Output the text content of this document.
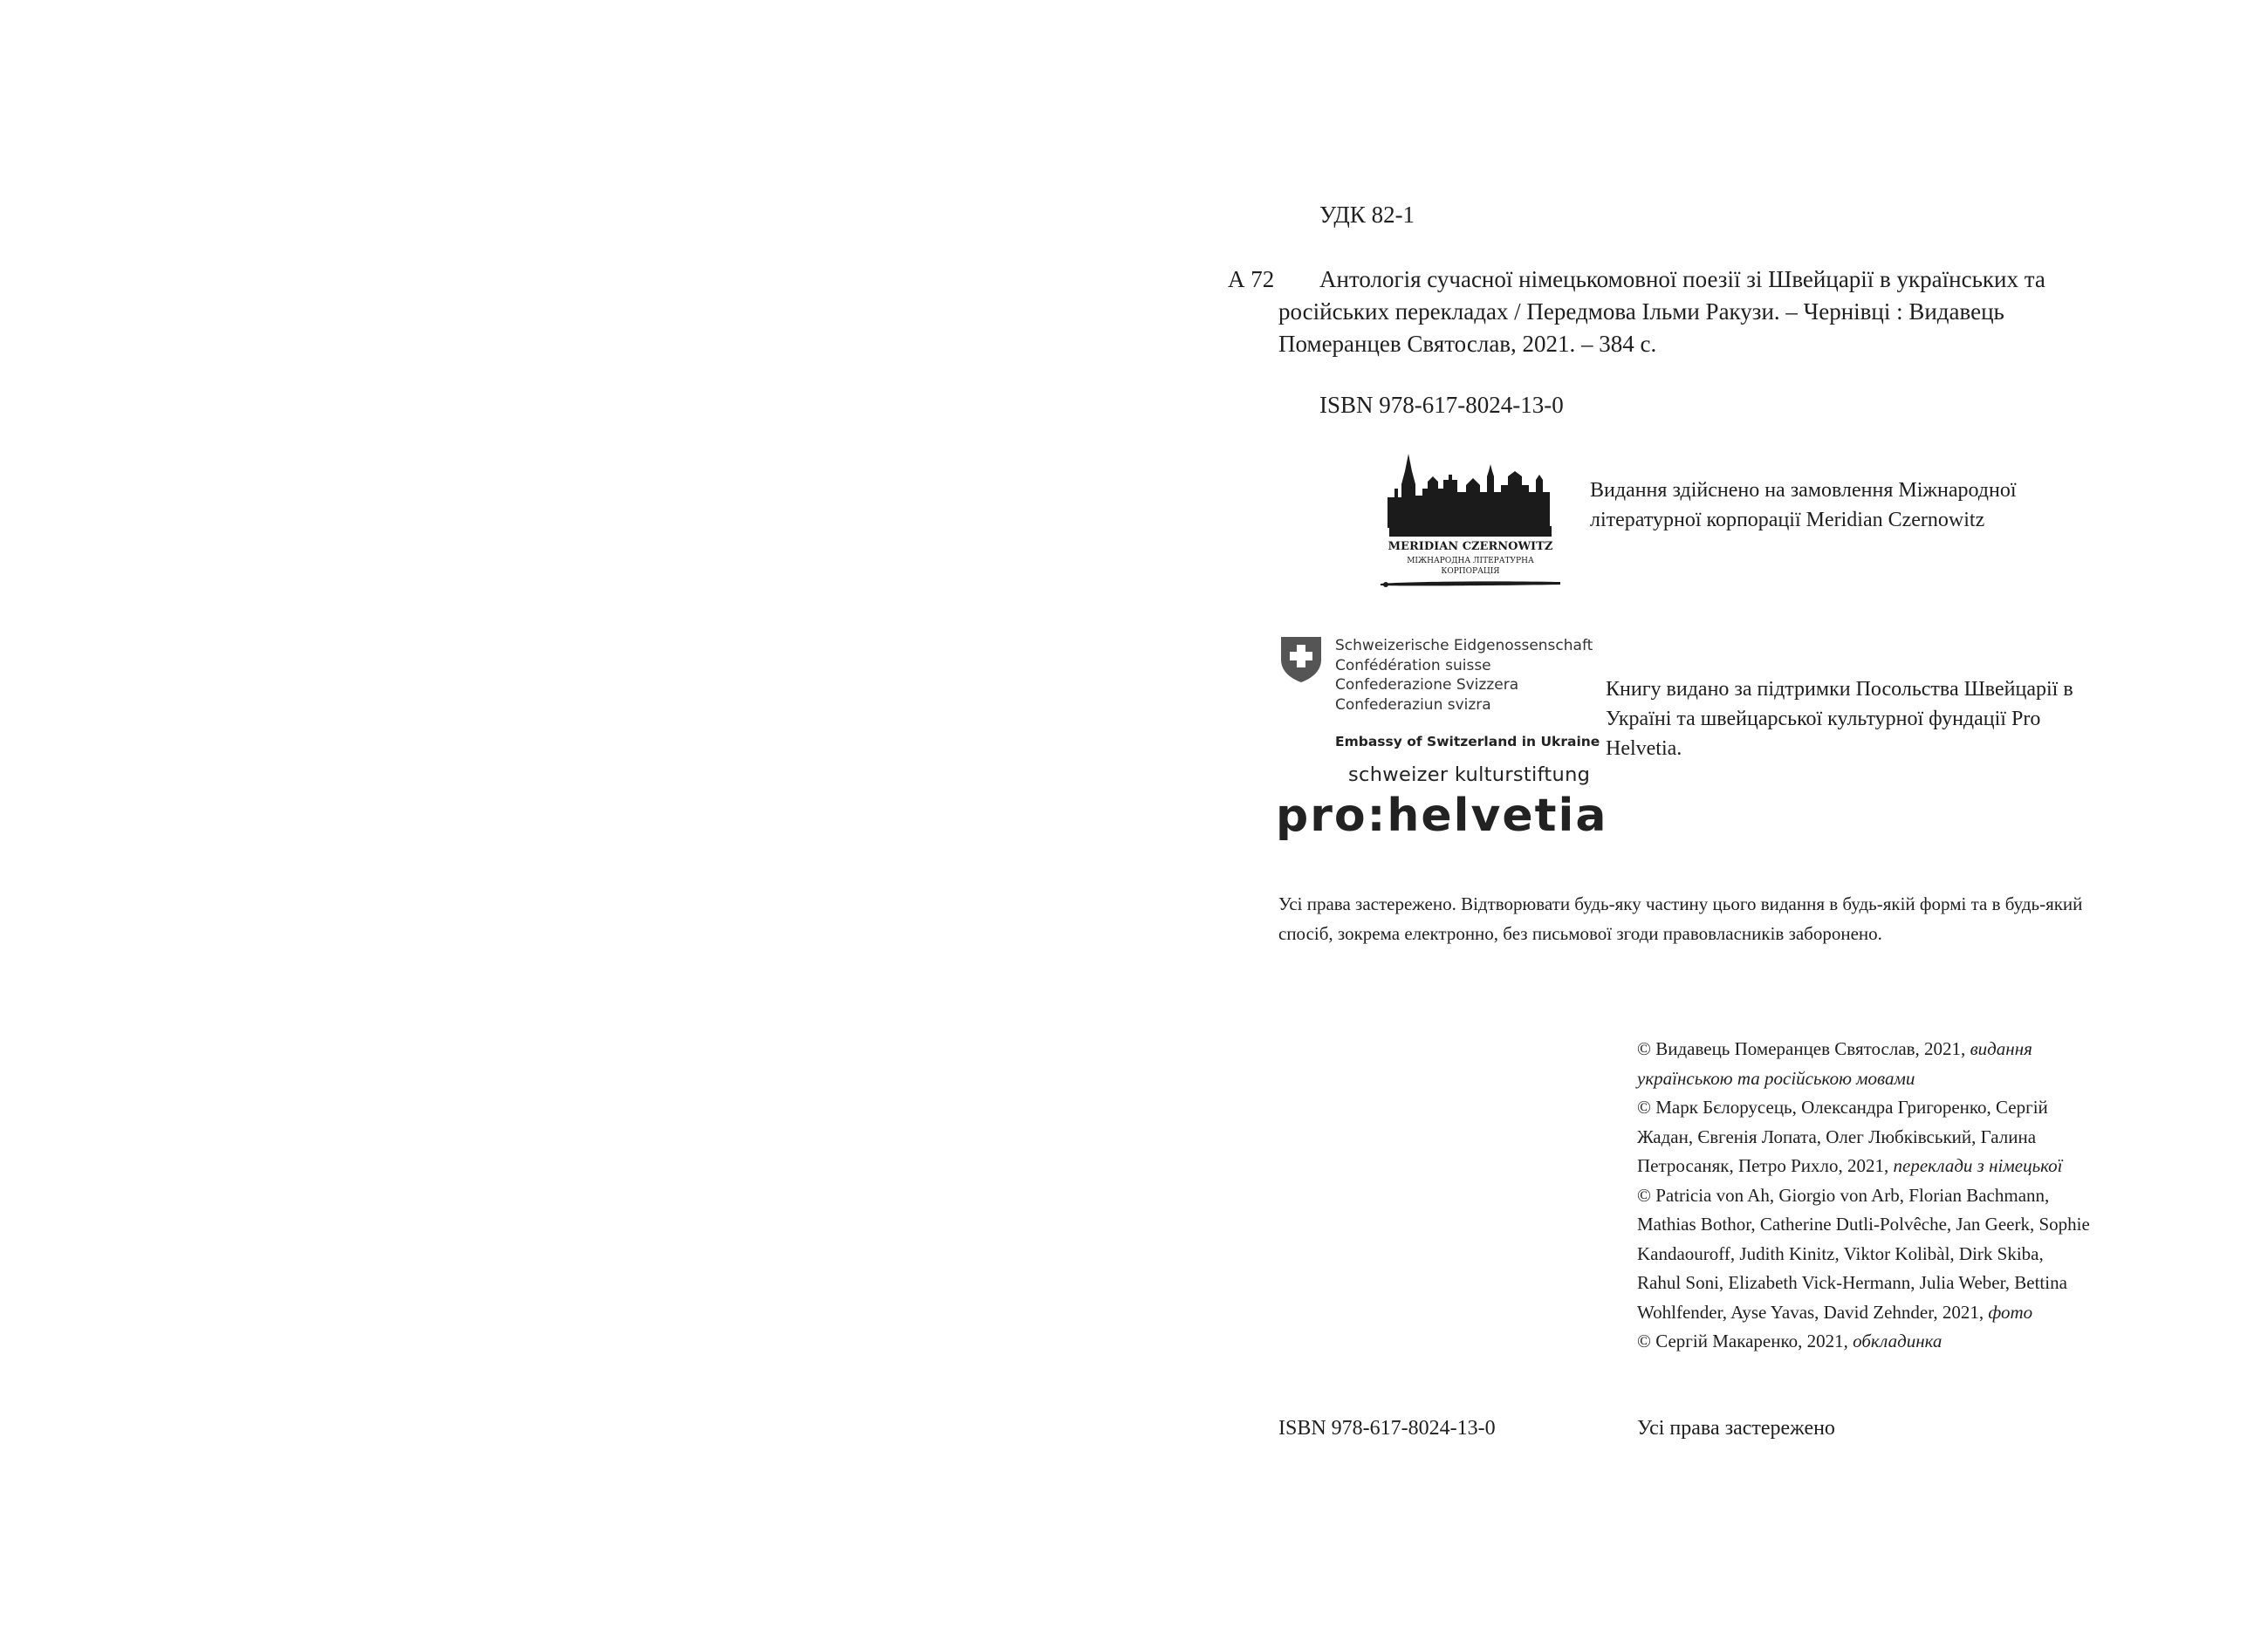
УДК 82-1
А 72	Антологія сучасної німецькомовної поезії зі Швейцарії в українських та російських перекладах / Передмова Ільми Ракузи. – Чернівці : Видавець Померанцев Святослав, 2021. – 384 с.

ISBN 978-617-8024-13-0
MERIDIAN CZERNOWITZ
МІЖНАРОДНА ЛІТЕРАТУРНА
КОРПОРАЦІЯ

Видання здійснено на замовлення Міжнародної літературної корпорації Meridian Czernowitz

Schweizerische Eidgenossenschaft
Confédération suisse
Confederazione Svizzera
Confederaziun svizra
Embassy of Switzerland in Ukraine
schweizer kulturstiftung
pro:helvetia

Книгу видано за підтримки Посольства Швейцарії в Україні та швейцарської культурної фундації Pro Helvetia.

Усі права застережено. Відтворювати будь-яку частину цього видання в будь-якій формі та в будь-який спосіб, зокрема електронно, без письмової згоди правовласників заборонено.

© Видавець Померанцев Святослав, 2021, видання українською та російською мовами
© Марк Бєлорусець, Олександра Григоренко, Сергій Жадан, Євгенія Лопата, Олег Любківський, Галина Петросаняк, Петро Рихло, 2021, переклади з німецької
© Patricia von Ah, Giorgio von Arb, Florian Bachmann, Mathias Bothor, Catherine Dutli-Polvêche, Jan Geerk, Sophie Kandaouroff, Judith Kinitz, Viktor Kolibàl, Dirk Skiba, Rahul Soni, Elizabeth Vick-Hermann, Julia Weber, Bettina Wohlfender, Ayse Yavas, David Zehnder, 2021, фото
© Сергій Макаренко, 2021, обкладинка
ISBN 978-617-8024-13-0	Усі права застережено
